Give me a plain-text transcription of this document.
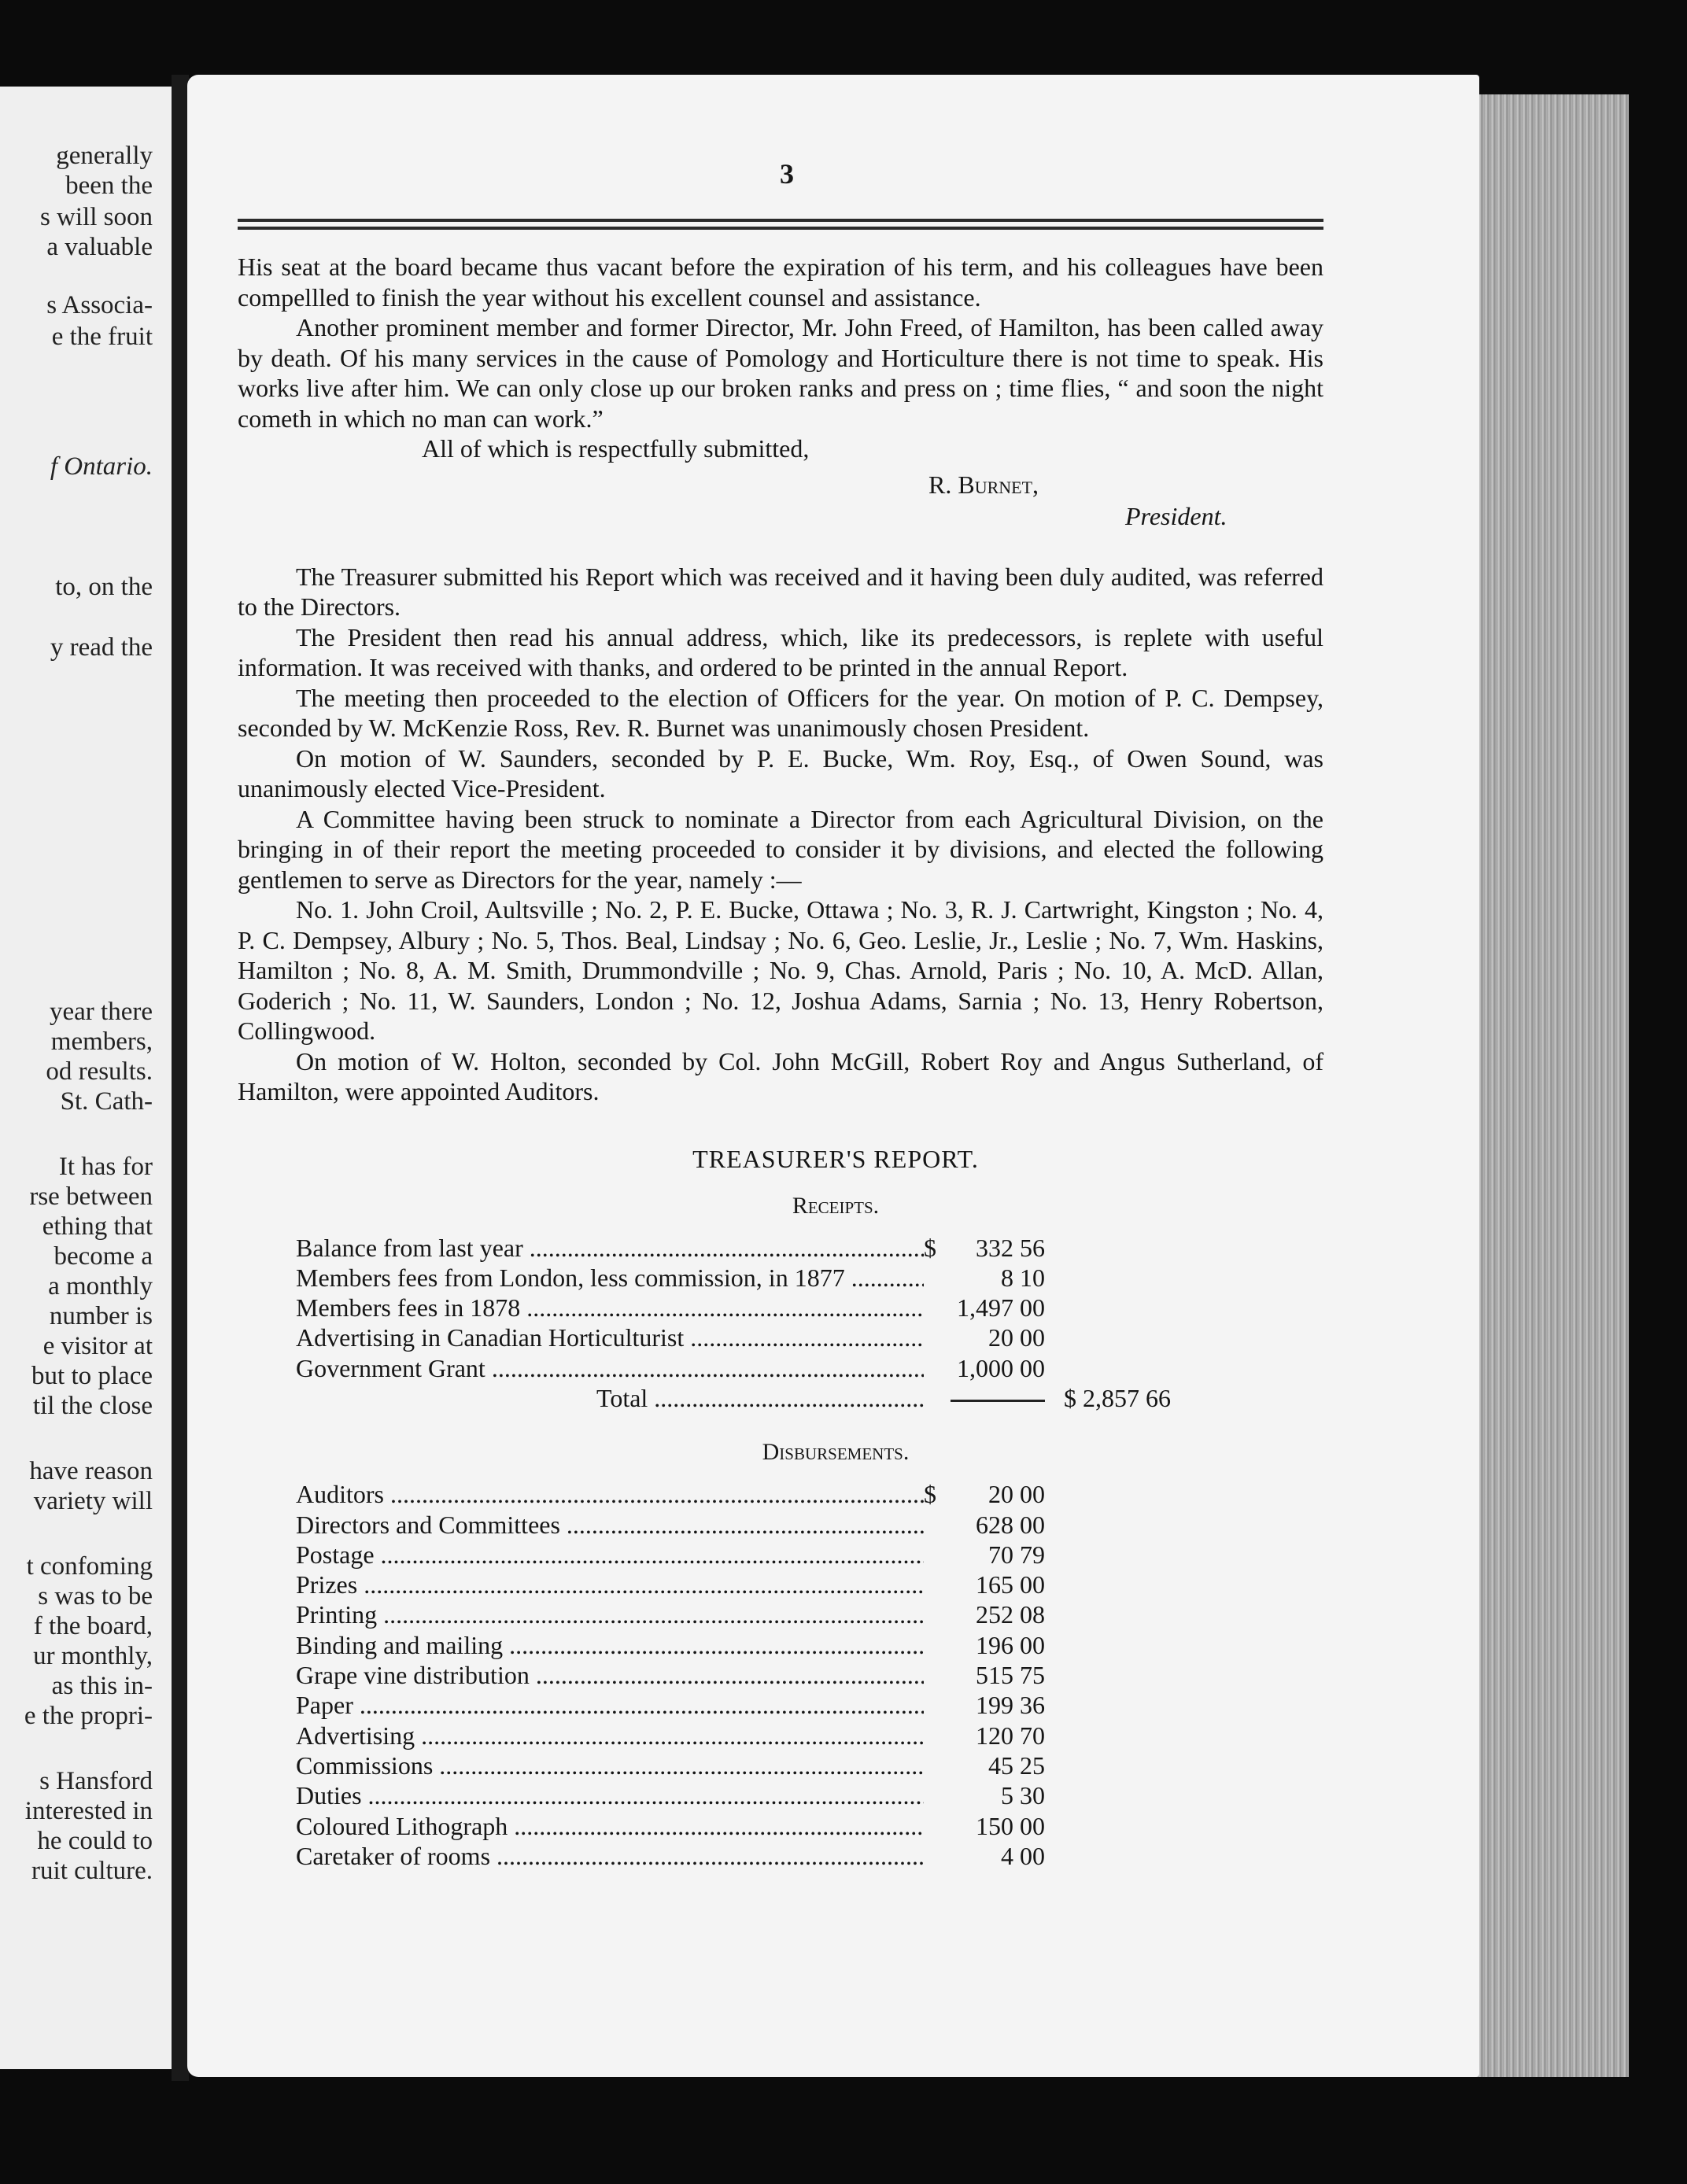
generally
been the
s will soon
a valuable
s Associa-
e the fruit
f Ontario.
to, on the
y read the
year there
members,
od results.
St. Cath-
It has for
rse between
ething that
become a
a monthly
number is
e visitor at
but to place
til the close
have reason
variety will
t confoming
s was to be
f the board,
ur monthly,
as this in-
e the propri-
s Hansford
interested in
he could to
ruit culture.
3

His seat at the board became thus vacant before the expiration of his term, and his colleagues have been compellled to finish the year without his excellent counsel and assistance.

Another prominent member and former Director, Mr. John Freed, of Hamilton, has been called away by death. Of his many services in the cause of Pomology and Horticulture there is not time to speak. His works live after him. We can only close up our broken ranks and press on ; time flies, “ and soon the night cometh in which no man can work.”

All of which is respectfully submitted,

R. Burnet,
President.

The Treasurer submitted his Report which was received and it having been duly audited, was referred to the Directors.

The President then read his annual address, which, like its predecessors, is replete with useful information. It was received with thanks, and ordered to be printed in the annual Report.

The meeting then proceeded to the election of Officers for the year. On motion of P. C. Dempsey, seconded by W. McKenzie Ross, Rev. R. Burnet was unanimously chosen President.

On motion of W. Saunders, seconded by P. E. Bucke, Wm. Roy, Esq., of Owen Sound, was unanimously elected Vice-President.

A Committee having been struck to nominate a Director from each Agricultural Division, on the bringing in of their report the meeting proceeded to consider it by divisions, and elected the following gentlemen to serve as Directors for the year, namely :—

No. 1. John Croil, Aultsville ; No. 2, P. E. Bucke, Ottawa ; No. 3, R. J. Cartwright, Kingston ; No. 4, P. C. Dempsey, Albury ; No. 5, Thos. Beal, Lindsay ; No. 6, Geo. Leslie, Jr., Leslie ; No. 7, Wm. Haskins, Hamilton ; No. 8, A. M. Smith, Drummondville ; No. 9, Chas. Arnold, Paris ; No. 10, A. McD. Allan, Goderich ; No. 11, W. Saunders, London ; No. 12, Joshua Adams, Sarnia ; No. 13, Henry Robertson, Collingwood.

On motion of W. Holton, seconded by Col. John McGill, Robert Roy and Angus Sutherland, of Hamilton, were appointed Auditors.

TREASURER'S REPORT.
Receipts.
Balance from last year .....	$	332 56
Members fees from London, less commission, in 1877 .....	8 10
Members fees in 1878 .....	1,497 00
Advertising in Canadian Horticulturist .....	20 00
Government Grant .....	1,000 00
Total .....	$ 2,857 66
Disbursements.
Auditors .....	$	20 00
Directors and Committees .....	628 00
Postage .....	70 79
Prizes .....	165 00
Printing .....	252 08
Binding and mailing .....	196 00
Grape vine distribution .....	515 75
Paper .....	199 36
Advertising .....	120 70
Commissions .....	45 25
Duties .....	5 30
Coloured Lithograph .....	150 00
Caretaker of rooms .....	4 00
